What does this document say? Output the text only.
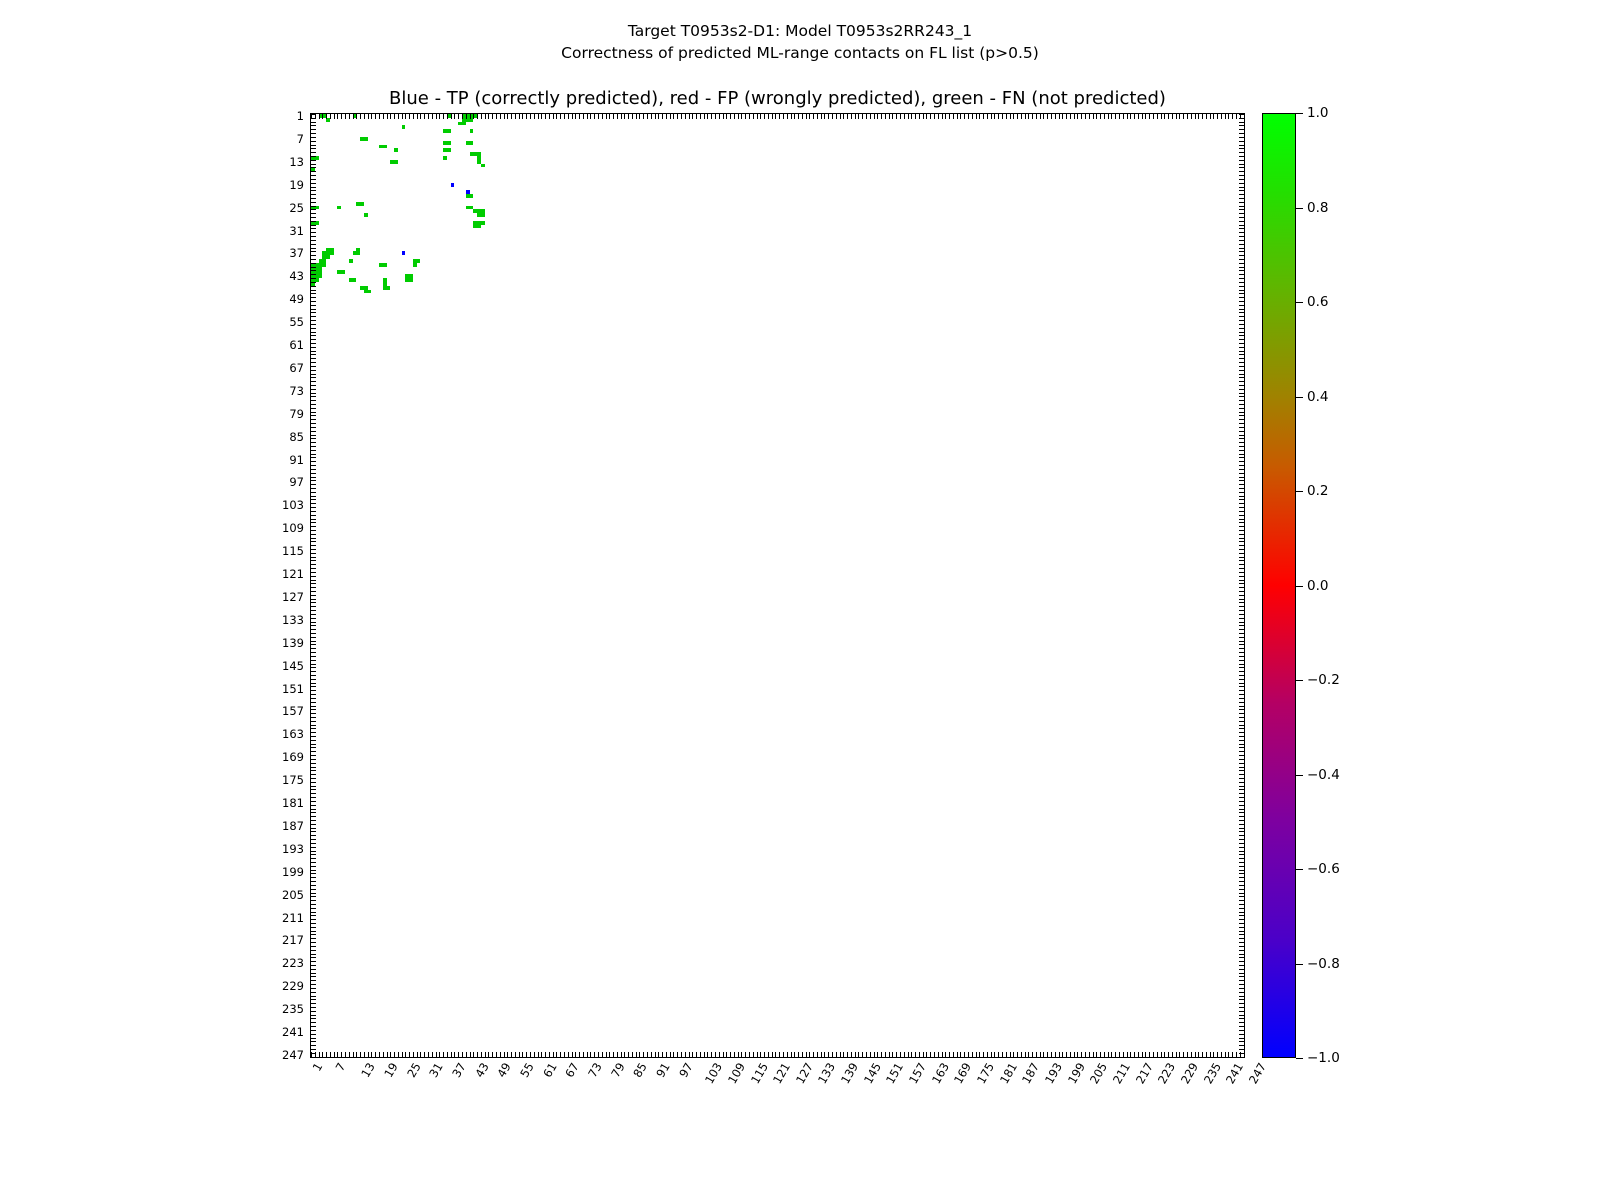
Target T0953s2-D1: Model T0953s2RR243_1
Correctness of predicted ML-range contacts on FL list (p>0.5)
Blue - TP (correctly predicted), red - FP (wrongly predicted), green - FN (not predicted)
1
7
13
19
25
31
37
43
49
55
61
67
73
79
85
91
97
103
109
115
121
127
133
139
145
151
157
163
169
175
181
187
193
199
205
211
217
223
229
235
241
247
1 7 13 19 25 31 37 43 49 55 61 67 73 79 85 91 97 103 109 115 121 127 133 139 145 151 157 163 169 175 181 187 193 199 205 211 217 223 229 235 241 247
1.0
0.8
0.6
0.4
0.2
0.0
−0.2
−0.4
−0.6
−0.8
−1.0
